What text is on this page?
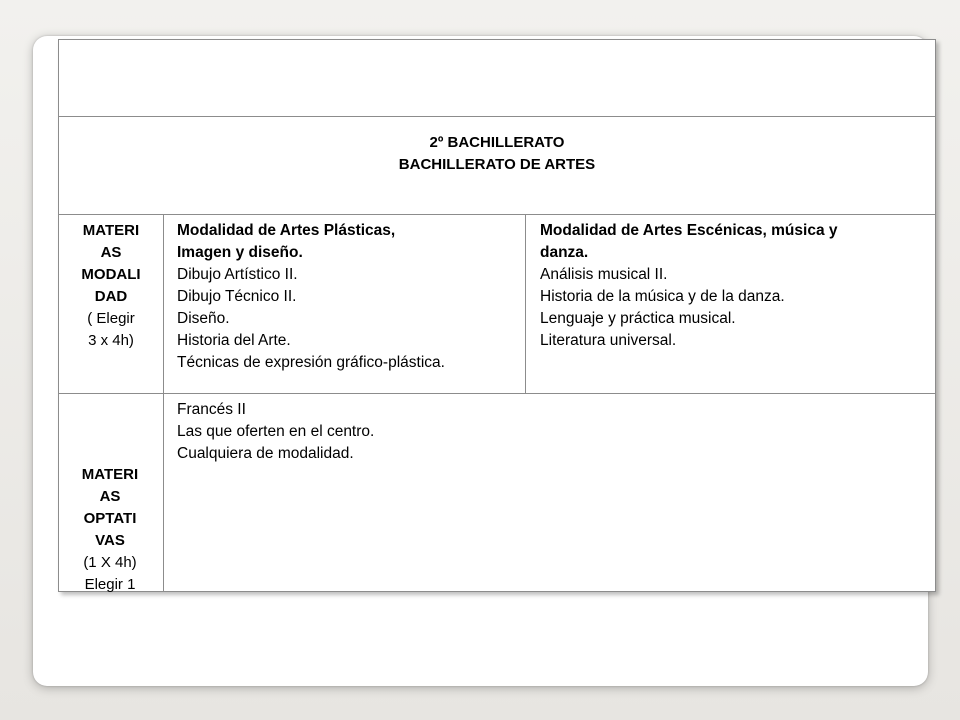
2º BACHILLERATO
BACHILLERATO DE ARTES
MATERI
AS
MODALI
DAD
( Elegir
3 x 4h)
Modalidad de Artes Plásticas,
Imagen y diseño.
Dibujo Artístico II.
Dibujo Técnico II.
Diseño.
Historia del Arte.
Técnicas de expresión gráfico-plástica.
Modalidad de Artes Escénicas, música y
danza.
Análisis musical II.
Historia de la música y de la danza.
Lenguaje y práctica musical.
Literatura universal.
Francés II
Las que oferten en el centro.
Cualquiera de modalidad.
MATERI
AS
OPTATI
VAS
(1 X 4h)
Elegir 1
